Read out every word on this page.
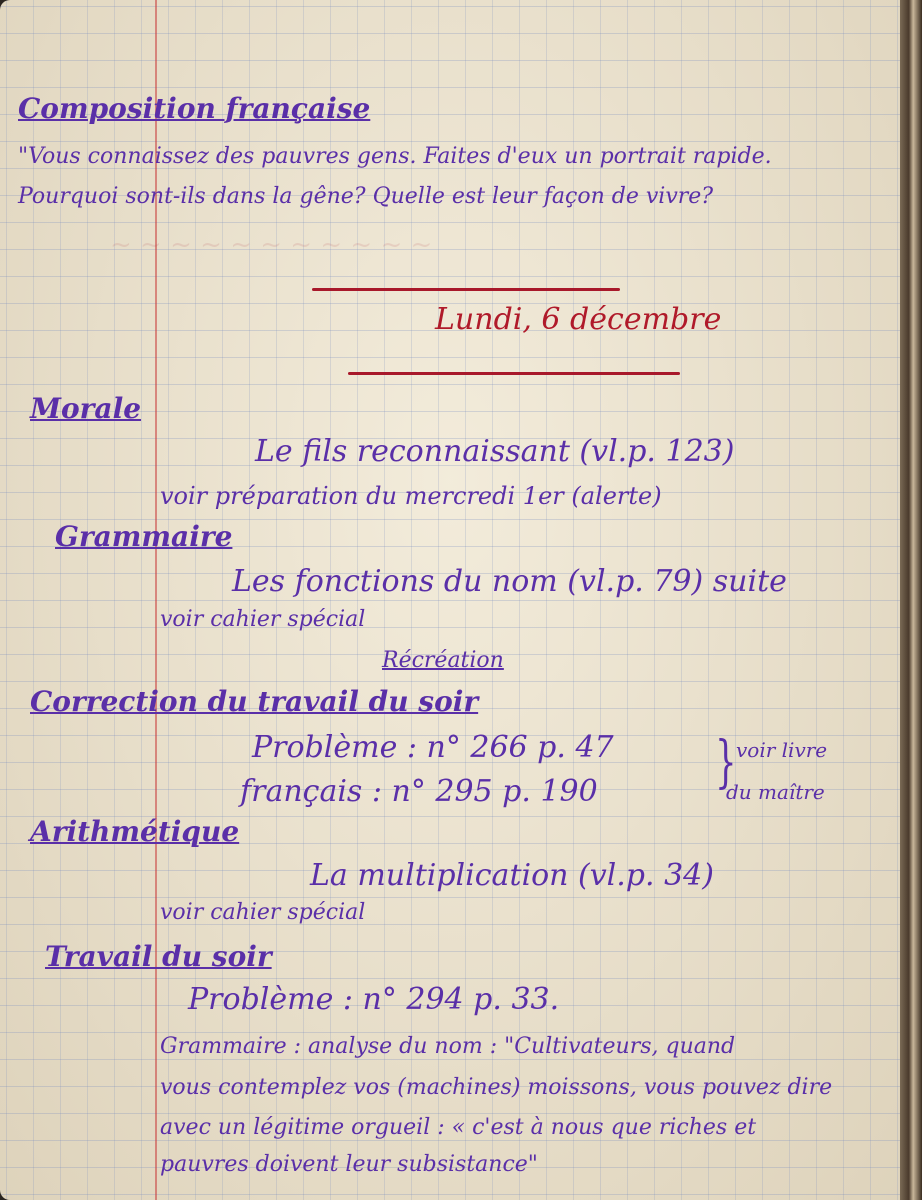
~ ~ ~ ~ ~ ~ ~ ~ ~ ~ ~
Composition française
"Vous connaissez des pauvres gens. Faites d'eux un portrait rapide.
Pourquoi sont-ils dans la gêne? Quelle est leur façon de vivre?
Lundi, 6 décembre
Morale
Le fils reconnaissant (vl.p. 123)
voir préparation du mercredi 1er (alerte)
Grammaire
Les fonctions du nom (vl.p. 79) suite
voir cahier spécial
Récréation
Correction du travail du soir
Problème : n° 266 p. 47
français : n° 295 p. 190 } voir livre
du maître
Arithmétique
La multiplication (vl.p. 34)
voir cahier spécial
Travail du soir
Problème : n° 294 p. 33.
Grammaire : analyse du nom : "Cultivateurs, quand
vous contemplez vos (machines) moissons, vous pouvez dire
avec un légitime orgueil : « c'est à nous que riches et
pauvres doivent leur subsistance"
